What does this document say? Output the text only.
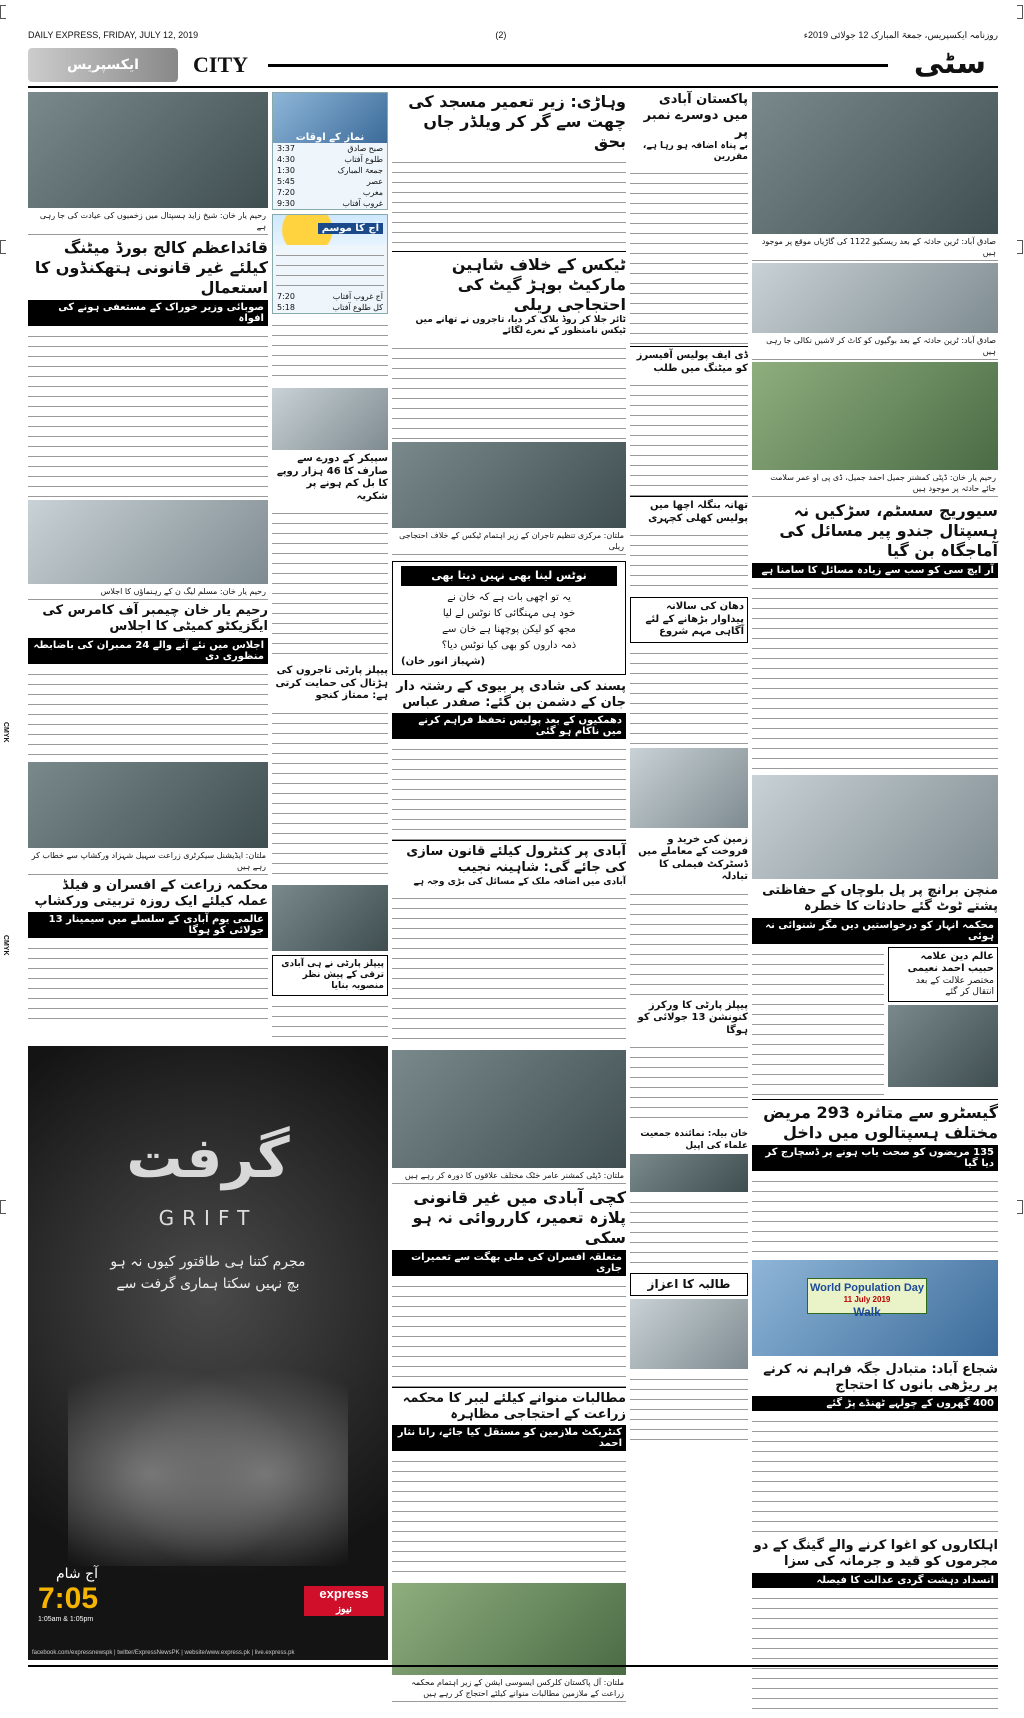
CMYK
CMYK
DAILY EXPRESS, FRIDAY, JULY 12, 2019	(2)	روزنامہ ایکسپریس، جمعۃ المبارک 12 جولائی 2019ء
ایکسپریس	CITY	سٹی
صادق آباد: ٹرین حادثہ کے بعد ریسکیو 1122 کی گاڑیاں موقع پر موجود ہیں
صادق آباد: ٹرین حادثہ کے بعد بوگیوں کو کاٹ کر لاشیں نکالی جا رہی ہیں
رحیم یار خان: ڈپٹی کمشنر جمیل احمد جمیل، ڈی پی او عمر سلامت جائے حادثہ پر موجود ہیں
سیوریج سسٹم، سڑکیں نہ ہسپتال جندو پیر مسائل کی آماجگاہ بن گیا
آر ایچ سی کو سب سے زیادہ مسائل کا سامنا ہے
منچن برانچ پر پل بلوچاں کے حفاظتی پشتے ٹوٹ گئے حادثات کا خطرہ
محکمہ انہار کو درخواستیں دیں مگر شنوائی نہ ہوئی
عالم دین علامہ حبیب احمد نعیمی
مختصر علالت کے بعد انتقال کر گئے
گیسٹرو سے متاثرہ 293 مریض مختلف ہسپتالوں میں داخل
135 مریضوں کو صحت یاب ہونے پر ڈسچارج کر دیا گیا
World Population Day
11 July 2019
Walk
شجاع آباد: متبادل جگہ فراہم نہ کرنے پر ریڑھی بانوں کا احتجاج
400 گھروں کے چولہے ٹھنڈے پڑ گئے
اہلکاروں کو اغوا کرنے والے گینگ کے دو مجرموں کو قید و جرمانہ کی سزا
انسداد دہشت گردی عدالت کا فیصلہ
پاکستان آبادی میں دوسرے نمبر پر
بے پناہ اضافہ ہو رہا ہے، مقررین
ڈی ایف پولیس آفیسرز کو میٹنگ میں طلب
تھانہ بنگلہ اچھا میں پولیس کھلی کچہری
دھان کی سالانہ پیداوار بڑھانے کے لئے آگاہی مہم شروع
زمین کی خرید و فروخت کے معاملے میں ڈسٹرکٹ فیملی کا تبادلہ
پیپلز پارٹی کا ورکرز کنونشن 13 جولائی کو ہوگا
خان بیلہ: نمائندہ جمعیت علماء کی اپیل
طالبہ کا اعزاز
وہاڑی: زیر تعمیر مسجد کی چھت سے گر کر ویلڈر جاں بحق
ٹیکس کے خلاف شاہین مارکیٹ بوہڑ گیٹ کی احتجاجی ریلی
ٹائر جلا کر روڈ بلاک کر دیا، تاجروں نے تھانے میں ٹیکس نامنظور کے نعرے لگائے
ملتان: مرکزی تنظیم تاجران کے زیر اہتمام ٹیکس کے خلاف احتجاجی ریلی
نوٹس لینا بھی نہیں دیتا بھی
یہ تو اچھی بات ہے کہ خان نے
خود ہی مہنگائی کا نوٹس لے لیا
مجھ کو لیکن پوچھنا ہے خان سے
ذمہ داروں کو بھی کیا نوٹس دیا؟
(شہباز انور خان)
پسند کی شادی پر بیوی کے رشتہ دار جان کے دشمن بن گئے: صفدر عباس
دھمکیوں کے بعد پولیس تحفظ فراہم کرنے میں ناکام ہو گئی
آبادی پر کنٹرول کیلئے قانون سازی کی جائے گی: شاہینہ نجیب
آبادی میں اضافہ ملک کے مسائل کی بڑی وجہ ہے
ملتان: ڈپٹی کمشنر عامر خٹک مختلف علاقوں کا دورہ کر رہے ہیں
کچی آبادی میں غیر قانونی پلازہ تعمیر، کارروائی نہ ہو سکی
متعلقہ افسران کی ملی بھگت سے تعمیرات جاری
مطالبات منوانے کیلئے لیبر کا محکمہ زراعت کے احتجاجی مظاہرہ
کنٹریکٹ ملازمین کو مستقل کیا جائے، رانا نثار احمد
ملتان: آل پاکستان کلرکس ایسوسی ایشن کے زیر اہتمام محکمہ زراعت کے ملازمین مطالبات منوانے کیلئے احتجاج کر رہے ہیں
نماز کے اوقات
صبح صادق
3:37
طلوع آفتاب
4:30
جمعۃ المبارک
1:30
عصر
5:45
مغرب
7:20
غروب آفتاب
9:30
آج کا موسم
آج غروب آفتاب
7:20
کل طلوع آفتاب
5:18
سپیکر کے دورے سے صارف کا 46 ہزار روپے کا بل کم ہونے پر شکریہ
پیپلز پارٹی تاجروں کی ہڑتال کی حمایت کرتی ہے: ممتاز کنجو
پیپلز پارٹی نے ہی آبادی ترقی کے پیش نظر منصوبہ بنایا
رحیم یار خان: شیخ زاید ہسپتال میں زخمیوں کی عیادت کی جا رہی ہے
قائداعظم کالج بورڈ میٹنگ کیلئے غیر قانونی ہتھکنڈوں کا استعمال
صوبائی وزیر خوراک کے مستعفی ہونے کی افواہ
رحیم یار خان: مسلم لیگ ن کے رہنماؤں کا اجلاس
رحیم یار خان چیمبر آف کامرس کی ایگزیکٹو کمیٹی کا اجلاس
اجلاس میں نئے آنے والے 24 ممبران کی باضابطہ منظوری دی
ملتان: ایڈیشنل سیکرٹری زراعت سہیل شہزاد ورکشاپ سے خطاب کر رہے ہیں
محکمہ زراعت کے افسران و فیلڈ عملہ کیلئے ایک روزہ تربیتی ورکشاپ
عالمی یوم آبادی کے سلسلے میں سیمینار 13 جولائی کو ہوگا
گرفت
GRIFT
مجرم کتنا ہی طاقتور کیوں نہ ہو
بچ نہیں سکتا ہماری گرفت سے
آج شام
7:05
1:05am & 1:05pm
express
نیوز
facebook.com/expressnewspk | twitter/ExpressNewsPK | website/www.express.pk | live.express.pk
